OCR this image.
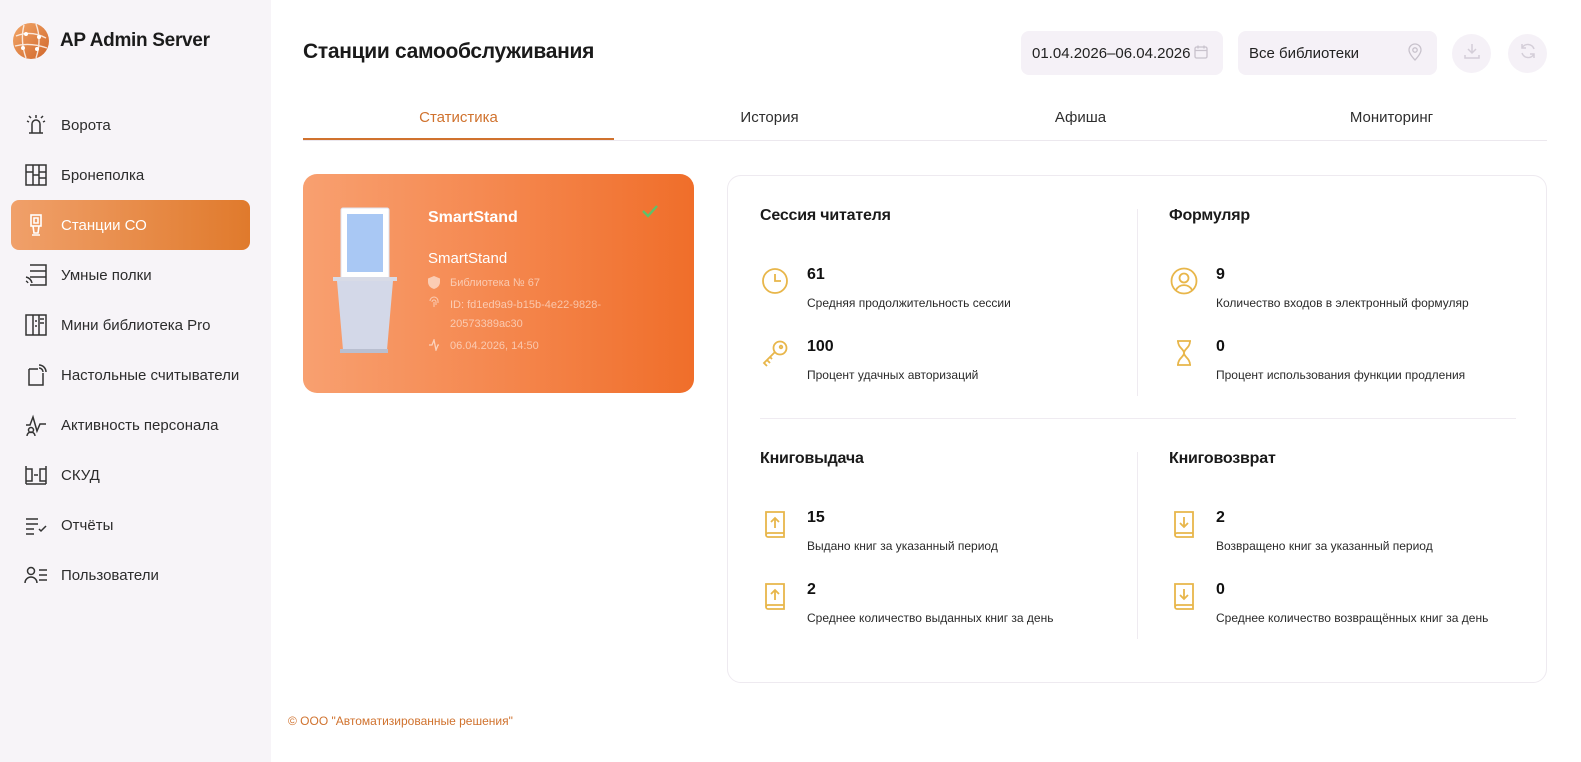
AP Admin Server
Ворота
Бронеполка
Станции СО
Умные полки
Мини библиотека Pro
Настольные считыватели
Активность персонала
СКУД
Отчёты
Пользователи
Станции самообслуживания	01.04.2026–06.04.2026	Все библиотеки
Статистика	История	Афиша	Мониторинг
SmartStand
SmartStand
Библиотека № 67
ID: fd1ed9a9-b15b-4e22-9828-20573389ac30
06.04.2026, 14:50
Сессия читателя
61
Средняя продолжительность сессии
100
Процент удачных авторизаций
Формуляр
9
Количество входов в электронный формуляр
0
Процент использования функции продления
Книговыдача
15
Выдано книг за указанный период
2
Среднее количество выданных книг за день
Книговозврат
2
Возвращено книг за указанный период
0
Среднее количество возвращённых книг за день
© ООО "Автоматизированные решения"
